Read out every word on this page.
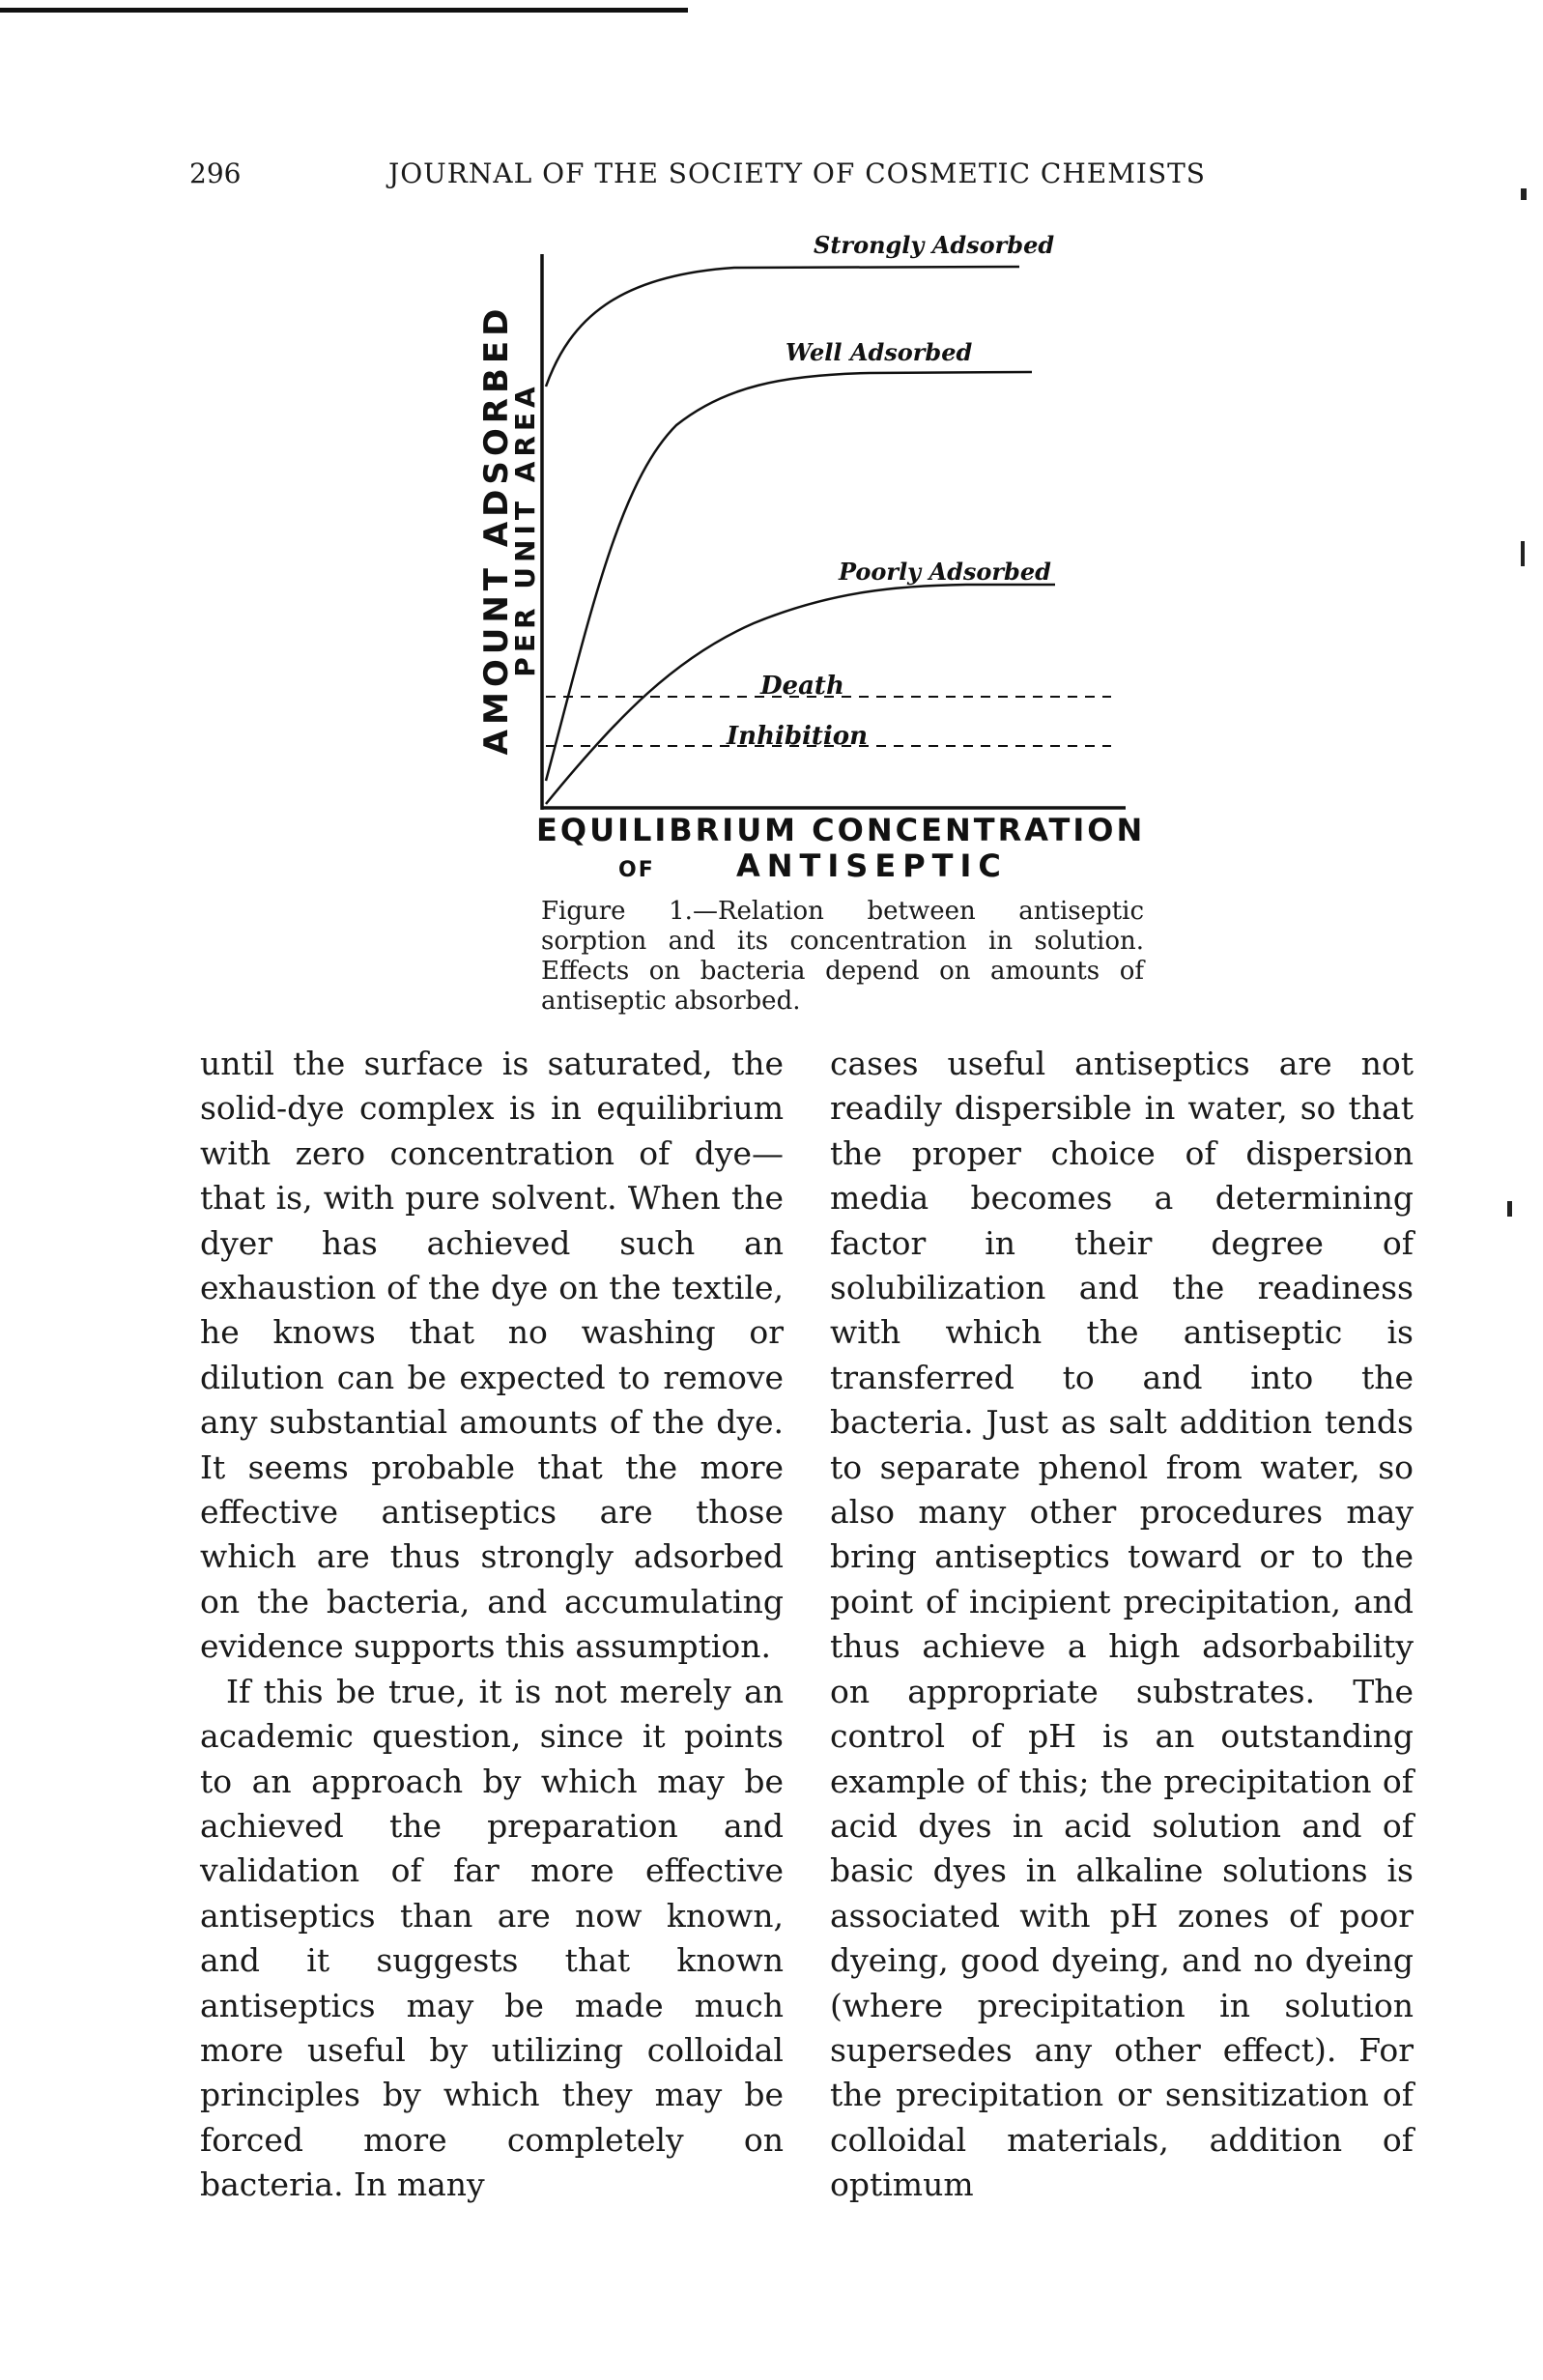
296	JOURNAL OF THE SOCIETY OF COSMETIC CHEMISTS
AMOUNT ADSORBED
PER UNIT AREA
Strongly Adsorbed
Well Adsorbed
Poorly Adsorbed
Death
Inhibition
EQUILIBRIUM CONCENTRATION
OF	ANTISEPTIC
Figure 1.—Relation between antiseptic sorption and its concentration in solution. Effects on bacteria depend on amounts of antiseptic absorbed.

until the surface is saturated, the solid-dye complex is in equilibrium with zero concentration of dye—that is, with pure solvent. When the dyer has achieved such an exhaustion of the dye on the textile, he knows that no washing or dilution can be expected to remove any substantial amounts of the dye. It seems probable that the more effective antiseptics are those which are thus strongly adsorbed on the bacteria, and accumulating evidence supports this assumption.

If this be true, it is not merely an academic question, since it points to an approach by which may be achieved the preparation and validation of far more effective antiseptics than are now known, and it suggests that known antiseptics may be made much more useful by utilizing colloidal principles by which they may be forced more completely on bacteria. In many

cases useful antiseptics are not readily dispersible in water, so that the proper choice of dispersion media becomes a determining factor in their degree of solubilization and the readiness with which the antiseptic is transferred to and into the bacteria. Just as salt addition tends to separate phenol from water, so also many other procedures may bring antiseptics toward or to the point of incipient precipitation, and thus achieve a high adsorbability on appropriate substrates. The control of pH is an outstanding example of this; the precipitation of acid dyes in acid solution and of basic dyes in alkaline solutions is associated with pH zones of poor dyeing, good dyeing, and no dyeing (where precipitation in solution supersedes any other effect). For the precipitation or sensitization of colloidal materials, addition of optimum
